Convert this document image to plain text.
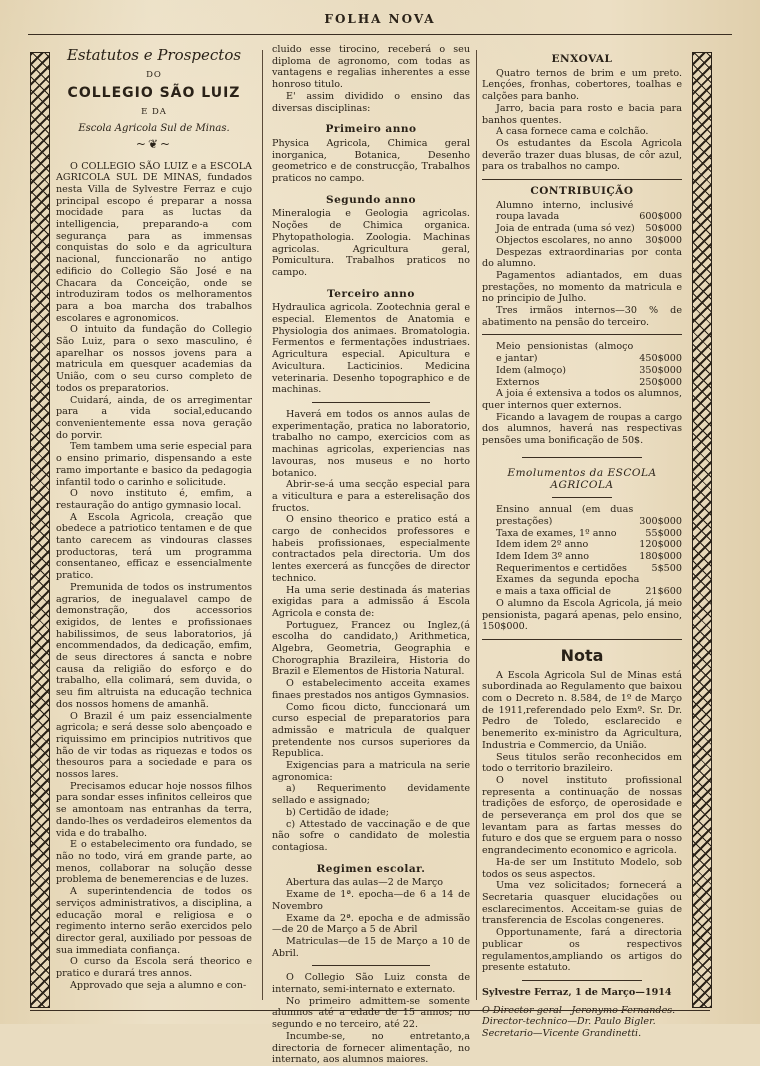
FOLHA NOVA
Estatutos e Prospectos
DO
COLLEGIO SÃO LUIZ
E DA
Escola Agricola Sul de Minas.
~❦~

O COLLEGIO SÃO LUIZ e a ESCOLA AGRICOLA SUL DE MINAS, fundados nesta Villa de Sylvestre Ferraz e cujo principal escopo é preparar a nossa mocidade para as luctas da intelligencia, preparando-a com segurança para as immensas conquistas do solo e da agricultura nacional, funccionarão no antigo edificio do Collegio São José e na Chacara da Conceição, onde se introduziram todos os melhoramentos para a boa marcha dos trabalhos escolares e agronomicos.

O intuito da fundação do Collegio São Luiz, para o sexo masculino, é aparelhar os nossos jovens para a matricula em quesquer academias da União, com o seu curso completo de todos os preparatorios.

Cuidará, ainda, de os arregimentar para a vida social,educando convenientemente essa nova geração do porvir.

Tem tambem uma serie especial para o ensino primario, dispensando a este ramo importante e basico da pedagogia infantil todo o carinho e solicitude.

O novo instituto é, emfim, a restauração do antigo gymnasio local.

A Escola Agricola, creação que obedece a patriotico tentamen e de que tanto carecem as vindouras classes productoras, terá um programma consentaneo, efficaz e essencialmente pratico.

Premunida de todos os instrumentos agrarios, de inegualavel campo de demonstração, dos accessorios exigidos, de lentes e profissionaes habilissimos, de seus laboratorios, já encommendados, da dedicação, emfim, de seus directores á sancta e nobre causa da religião do esforço e do trabalho, ella colimará, sem duvida, o seu fim altruista na educação technica dos nossos homens de amanhã.

O Brazil é um paiz essencialmente agricola; e será desse solo abençoado e riquissimo em principios nutritivos que hão de vir todas as riquezas e todos os thesouros para a sociedade e para os nossos lares.

Precisamos educar hoje nossos filhos para sondar esses infinitos celleiros que se amontoam nas entranhas da terra, dando-lhes os verdadeiros elementos da vida e do trabalho.

E o estabelecimento ora fundado, se não no todo, virá em grande parte, ao menos, collaborar na solução desse problema de benemerencias e de luzes.

A superintendencia de todos os serviços administrativos, a disciplina, a educação moral e religiosa e o regimento interno serão exercidos pelo director geral, auxiliado por pessoas de sua immediata confiança.

O curso da Escola será theorico e pratico e durará tres annos.

Approvado que seja a alumno e con-

cluido esse tirocino, receberá o seu diploma de agronomo, com todas as vantagens e regalias inherentes a esse honroso titulo.

E' assim dividido o ensino das diversas disciplinas:

Primeiro anno

Physica Agricola, Chimica geral inorganica, Botanica, Desenho geometrico e de construcção, Trabalhos praticos no campo.

Segundo anno

Mineralogia e Geologia agricolas. Noções de Chimica organica. Phytopathologia. Zoologia. Machinas agricolas. Agricultura geral, Pomicultura. Trabalhos praticos no campo.

Terceiro anno

Hydraulica agricola. Zootechnia geral e especial. Elementos de Anatomia e Physiologia dos animaes. Bromatologia. Fermentos e fermentações industriaes. Agricultura especial. Apicultura e Avicultura. Lacticinios. Medicina veterinaria. Desenho topographico e de machinas.

Haverá em todos os annos aulas de experimentação, pratica no laboratorio, trabalho no campo, exercicios com as machinas agricolas, experiencias nas lavouras, nos museus e no horto botanico.

Abrir-se-á uma secção especial para a viticultura e para a esterelisação dos fructos.

O ensino theorico e pratico está a cargo de conhecidos professores e habeis profissionaes, especialmente contractados pela directoria. Um dos lentes exercerá as funcções de director technico.

Ha uma serie destinada ás materias exigidas para a admissão á Escola Agricola e consta de:

Portuguez, Francez ou Inglez,(á escolha do candidato,) Arithmetica, Algebra, Geometria, Geographia e Chorographia Brazileira, Historia do Brazil e Elementos de Historia Natural.

O estabelecimento acceita exames finaes prestados nos antigos Gymnasios.

Como ficou dicto, funccionará um curso especial de preparatorios para admissão e matricula de qualquer pretendente nos cursos superiores da Republica.

Exigencias para a matricula na serie agronomica:

a) Requerimento devidamente sellado e assignado;

b) Certidão de idade;

c) Attestado de vaccinação e de que não sofre o candidato de molestia contagiosa.

Regimen escolar.

Abertura das aulas—2 de Março

Exame de 1ª. epocha—de 6 a 14 de Novembro

Exame da 2ª. epocha e de admissão—de 20 de Março a 5 de Abril

Matriculas—de 15 de Março a 10 de Abril.

O Collegio São Luiz consta de internato, semi-internato e externato.

No primeiro admittem-se somente alumnos até a edade de 15 annos; no segundo e no terceiro, até 22.

Incumbe-se, no entretanto,a directoria de fornecer alimentação, no internato, aos alumnos maiores.

ENXOVAL

Quatro ternos de brim e um preto. Lençóes, fronhas, cobertores, toalhas e calções para banho.

Jarro, bacia para rosto e bacia para banhos quentes.

A casa fornece cama e colchão.

Os estudantes da Escola Agricola deverão trazer duas blusas, de côr azul, para os trabalhos no campo.

CONTRIBUIÇÃO
Alumno interno, inclusivé roupa lavada	600$000
Joia de entrada (uma só vez)	50$000
Objectos escolares, no anno	30$000

Despezas extraordinarias por conta do alumno.

Pagamentos adiantados, em duas prestações, no momento da matricula e no principio de Julho.

Tres irmãos internos—30 % de abatimento na pensão do terceiro.

Meio pensionistas (almoço e jantar)	450$000
Idem (almoço)	350$000
Externos	250$000

A joia é extensiva a todos os alumnos, quer internos quer externos.

Ficando a lavagem de roupas a cargo dos alumnos, haverá nas respectivas pensões uma bonificação de 50$.

Emolumentos da ESCOLA AGRICOLA
Ensino annual (em duas prestações)	300$000
Taxa de exames, 1º anno	55$000
Idem idem 2º anno	120$000
Idem Idem 3º anno	180$000
Requerimentos e certidões	5$500
Exames da segunda epocha e mais a taxa official de	21$600

O alumno da Escola Agricola, já meio pensionista, pagará apenas, pelo ensino, 150$000.

Nota

A Escola Agricola Sul de Minas está subordinada ao Regulamento que baixou com o Decreto n. 8.584, de 1º de Março de 1911,referendado pelo Exmº. Sr. Dr. Pedro de Toledo, esclarecido e benemerito ex-ministro da Agricultura, Industria e Commercio, da União.

Seus titulos serão reconhecidos em todo o territorio brazileiro.

O novel instituto profissional representa a continuação de nossas tradições de esforço, de operosidade e de perseverança em prol dos que se levantam para as fartas messes do futuro e dos que se erguem para o nosso engrandecimento economico e agricola.

Ha-de ser um Instituto Modelo, sob todos os seus aspectos.

Uma vez solicitados; fornecerá a Secretaria quasquer elucidações ou esclarecimentos. Acceitam-se guias de transferencia de Escolas congeneres.

Opportunamente, fará a directoria publicar os respectivos regulamentos,ampliando os artigos do presente estatuto.

Sylvestre Ferraz, 1 de Março—1914

O Director-geral—Jeronymo Fernandes.

Director-technico—Dr. Paulo Bigler.

Secretario—Vicente Grandinetti.
